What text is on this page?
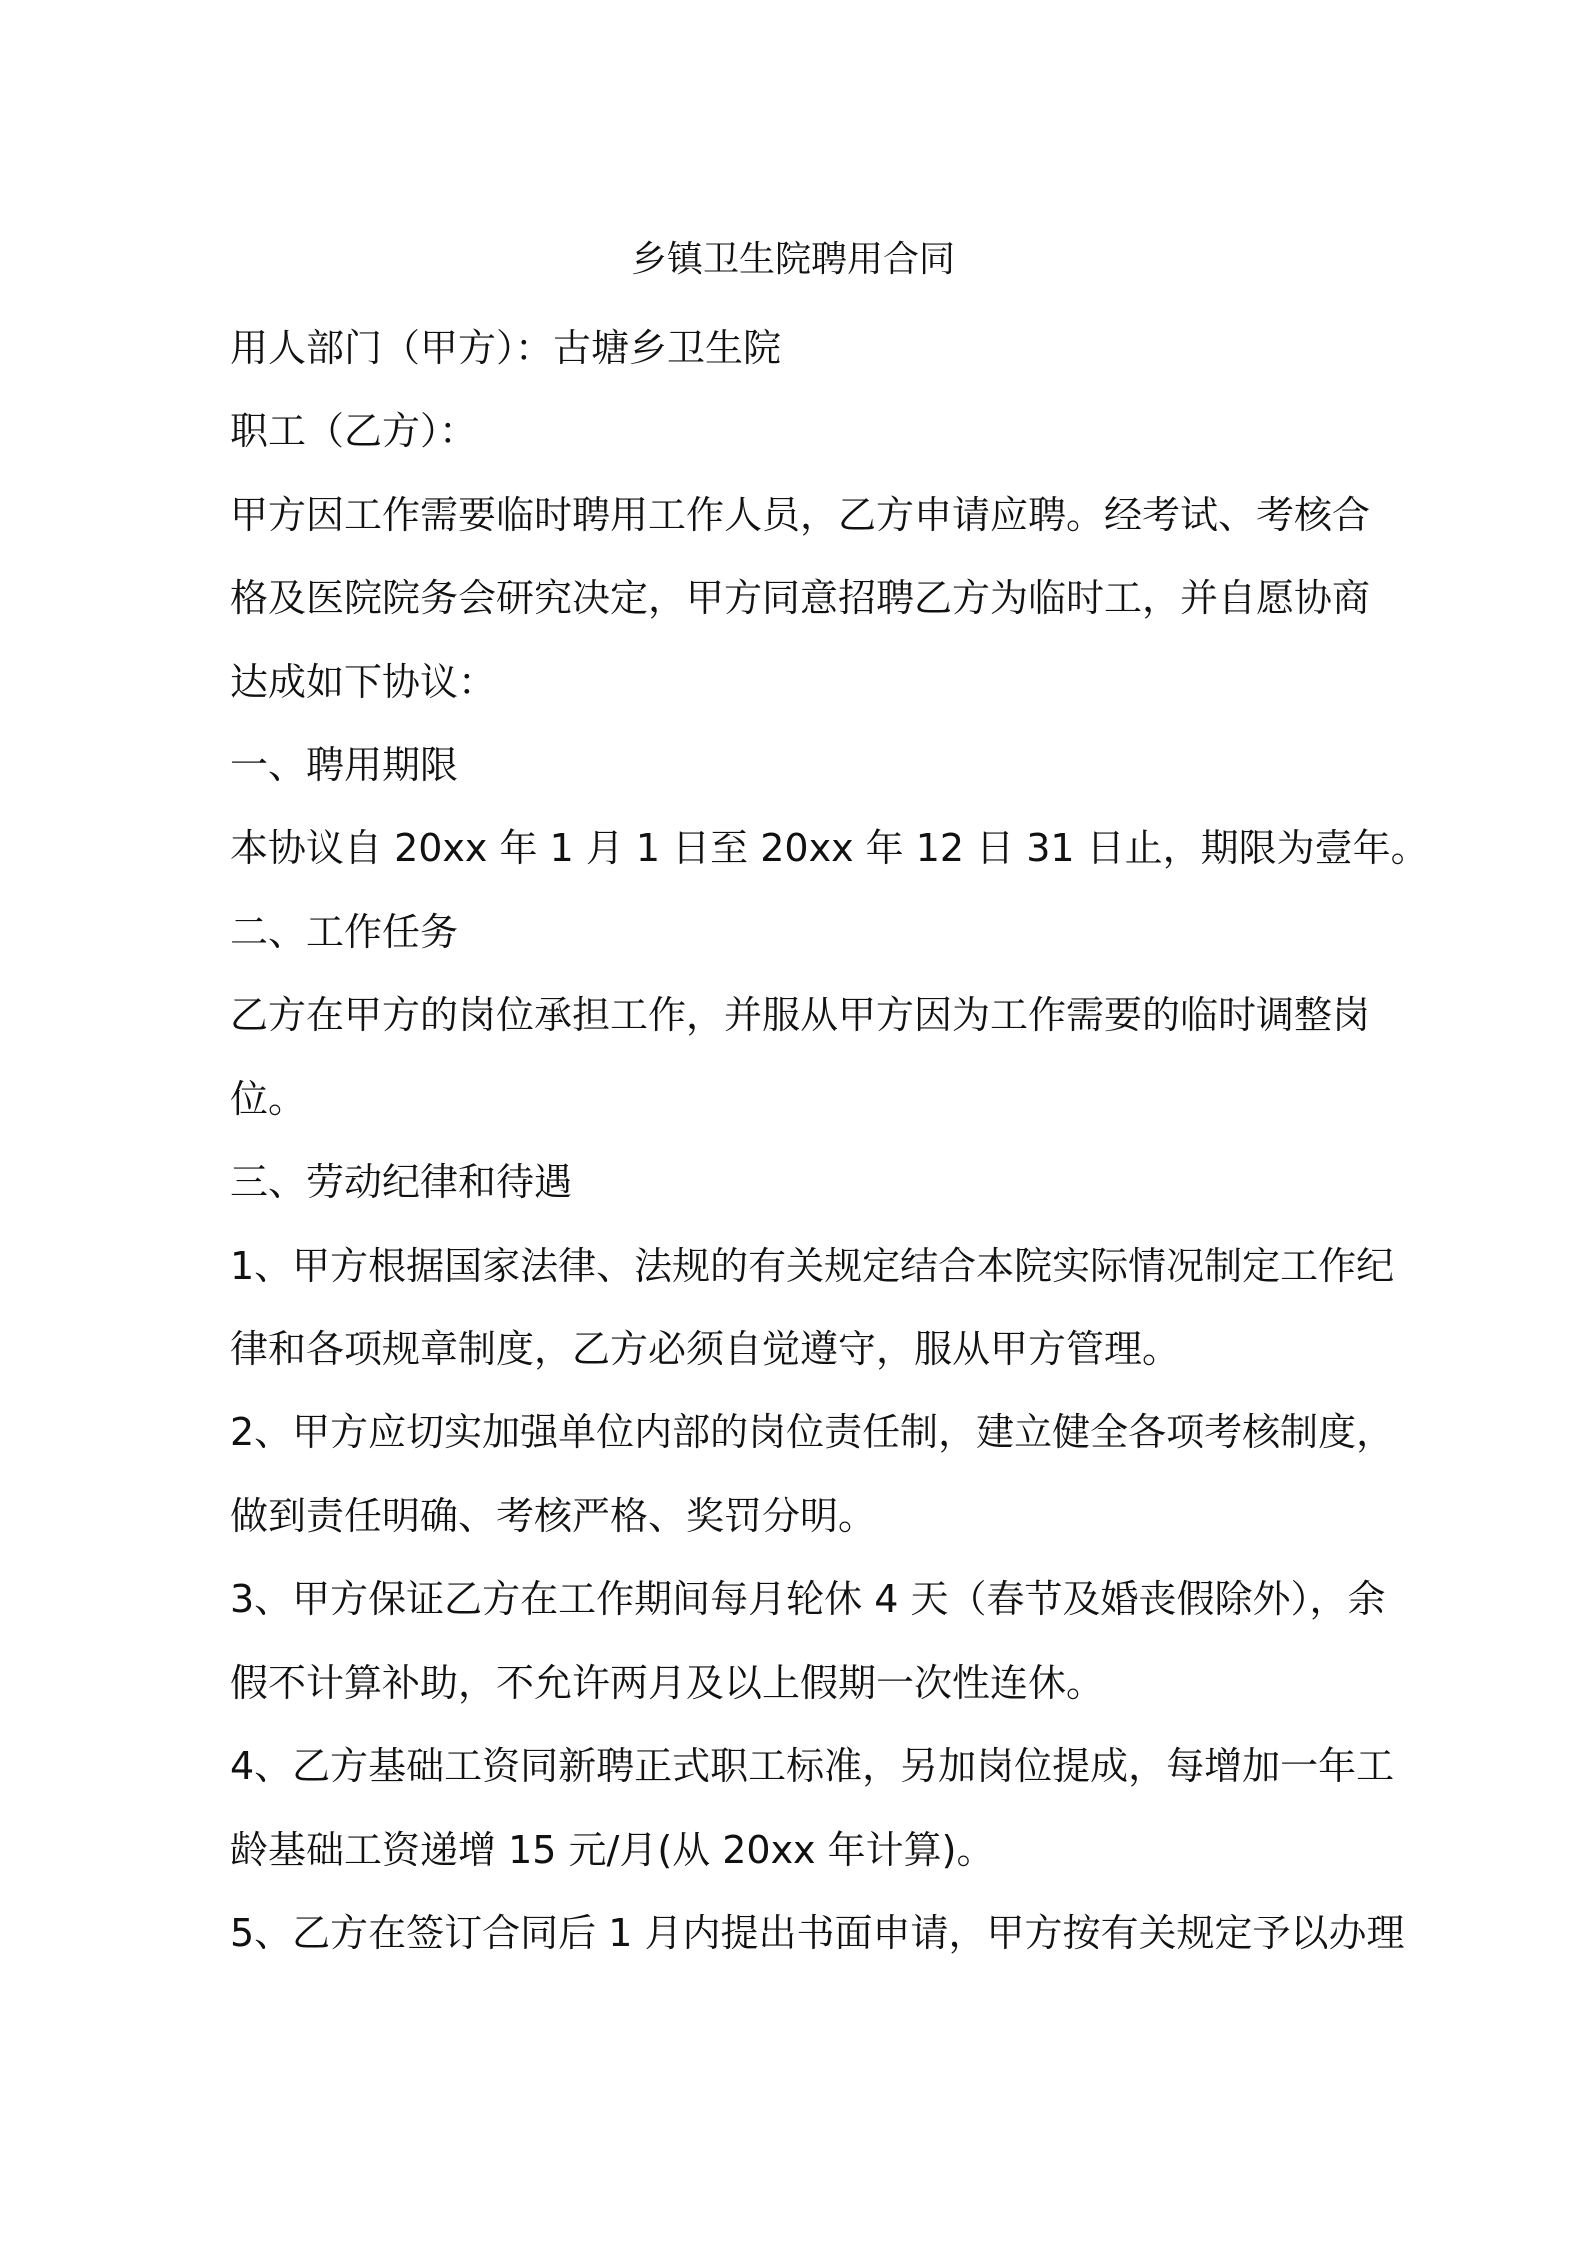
乡镇卫生院聘用合同
用人部门（甲方）：古塘乡卫生院
职工（乙方）：
甲方因工作需要临时聘用工作人员，乙方申请应聘。经考试、考核合
格及医院院务会研究决定，甲方同意招聘乙方为临时工，并自愿协商
达成如下协议：
一、聘用期限
本协议自 20xx 年 1 月 1 日至 20xx 年 12 日 31 日止，期限为壹年。
二、工作任务
乙方在甲方的岗位承担工作，并服从甲方因为工作需要的临时调整岗
位。
三、劳动纪律和待遇
1、甲方根据国家法律、法规的有关规定结合本院实际情况制定工作纪
律和各项规章制度，乙方必须自觉遵守，服从甲方管理。
2、甲方应切实加强单位内部的岗位责任制，建立健全各项考核制度，
做到责任明确、考核严格、奖罚分明。
3、甲方保证乙方在工作期间每月轮休 4 天（春节及婚丧假除外），余
假不计算补助，不允许两月及以上假期一次性连休。
4、乙方基础工资同新聘正式职工标准，另加岗位提成，每增加一年工
龄基础工资递增 15 元/月(从 20xx 年计算)。
5、乙方在签订合同后 1 月内提出书面申请，甲方按有关规定予以办理
